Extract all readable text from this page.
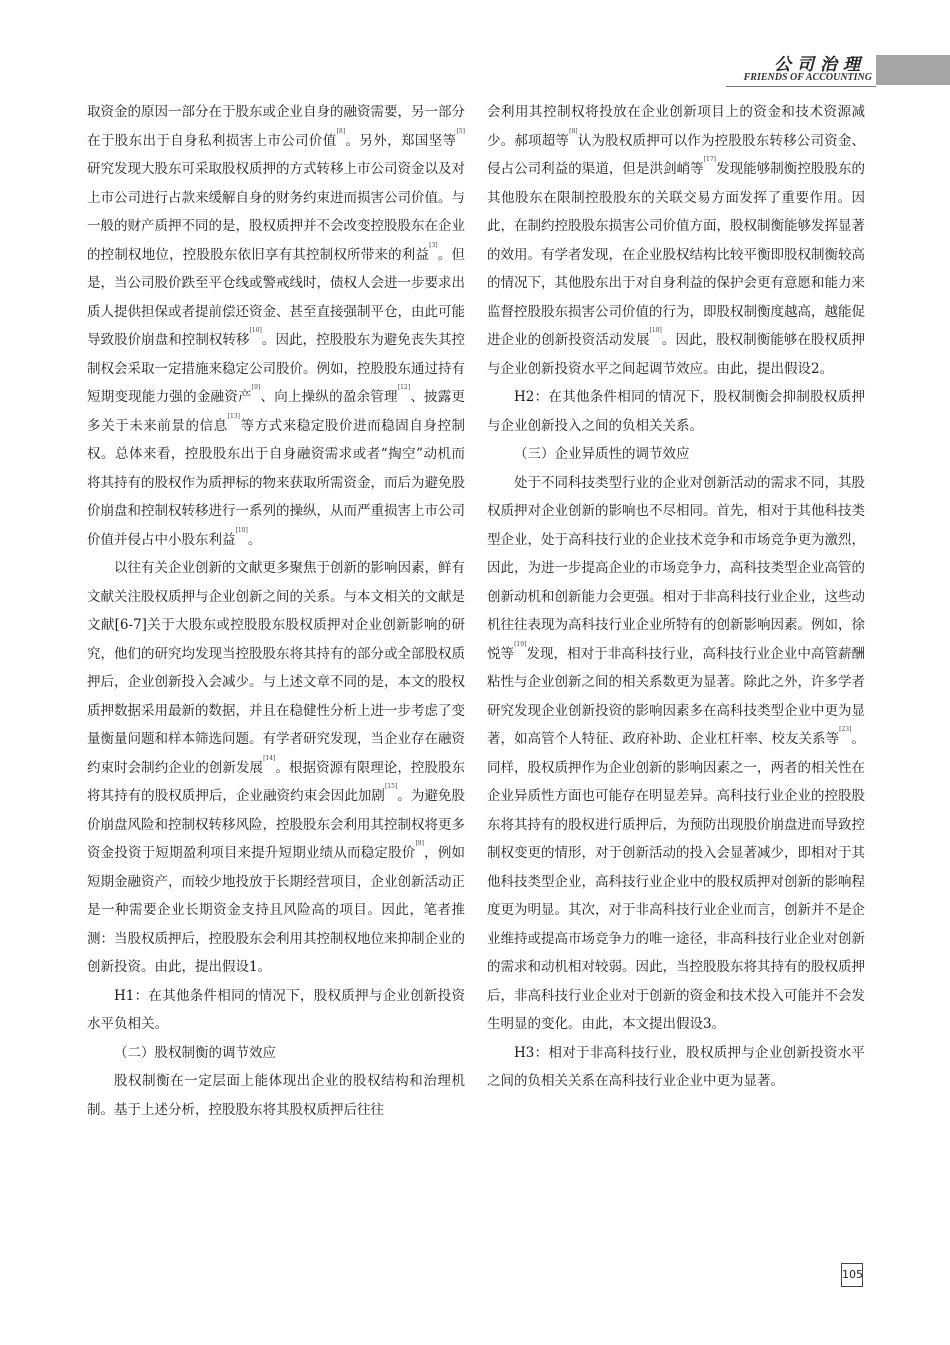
公司治理
FRIENDS OF ACCOUNTING

取资金的原因一部分在于股东或企业自身的融资需要，另一部分在于股东出于自身私利损害上市公司价值[8]。另外，郑国坚等[5]研究发现大股东可采取股权质押的方式转移上市公司资金以及对上市公司进行占款来缓解自身的财务约束进而损害公司价值。与一般的财产质押不同的是，股权质押并不会改变控股股东在企业的控制权地位，控股股东依旧享有其控制权所带来的利益[3]。但是，当公司股价跌至平仓线或警戒线时，债权人会进一步要求出质人提供担保或者提前偿还资金、甚至直接强制平仓，由此可能导致股价崩盘和控制权转移[10]。因此，控股股东为避免丧失其控制权会采取一定措施来稳定公司股价。例如，控股股东通过持有短期变现能力强的金融资产[9]、向上操纵的盈余管理[12]、披露更多关于未来前景的信息[13]等方式来稳定股价进而稳固自身控制权。总体来看，控股股东出于自身融资需求或者“掏空”动机而将其持有的股权作为质押标的物来获取所需资金，而后为避免股价崩盘和控制权转移进行一系列的操纵，从而严重损害上市公司价值并侵占中小股东利益[10]。

以往有关企业创新的文献更多聚焦于创新的影响因素，鲜有文献关注股权质押与企业创新之间的关系。与本文相关的文献是文献[6-7]关于大股东或控股股东股权质押对企业创新影响的研究，他们的研究均发现当控股股东将其持有的部分或全部股权质押后，企业创新投入会减少。与上述文章不同的是，本文的股权质押数据采用最新的数据，并且在稳健性分析上进一步考虑了变量衡量问题和样本筛选问题。有学者研究发现，当企业存在融资约束时会制约企业的创新发展[14]。根据资源有限理论，控股股东将其持有的股权质押后，企业融资约束会因此加剧[15]。为避免股价崩盘风险和控制权转移风险，控股股东会利用其控制权将更多资金投资于短期盈利项目来提升短期业绩从而稳定股价[9]，例如短期金融资产，而较少地投放于长期经营项目，企业创新活动正是一种需要企业长期资金支持且风险高的项目。因此，笔者推测：当股权质押后，控股股东会利用其控制权地位来抑制企业的创新投资。由此，提出假设1。

H1：在其他条件相同的情况下，股权质押与企业创新投资水平负相关。

（二）股权制衡的调节效应

股权制衡在一定层面上能体现出企业的股权结构和治理机制。基于上述分析，控股股东将其股权质押后往往

会利用其控制权将投放在企业创新项目上的资金和技术资源减少。郝项超等[8]认为股权质押可以作为控股股东转移公司资金、侵占公司利益的渠道，但是洪剑峭等[17]发现能够制衡控股股东的其他股东在限制控股股东的关联交易方面发挥了重要作用。因此，在制约控股股东损害公司价值方面，股权制衡能够发挥显著的效用。有学者发现，在企业股权结构比较平衡即股权制衡较高的情况下，其他股东出于对自身利益的保护会更有意愿和能力来监督控股股东损害公司价值的行为，即股权制衡度越高，越能促进企业的创新投资活动发展[18]。因此，股权制衡能够在股权质押与企业创新投资水平之间起调节效应。由此，提出假设2。

H2：在其他条件相同的情况下，股权制衡会抑制股权质押与企业创新投入之间的负相关关系。

（三）企业异质性的调节效应

处于不同科技类型行业的企业对创新活动的需求不同，其股权质押对企业创新的影响也不尽相同。首先，相对于其他科技类型企业，处于高科技行业的企业技术竞争和市场竞争更为激烈，因此，为进一步提高企业的市场竞争力，高科技类型企业高管的创新动机和创新能力会更强。相对于非高科技行业企业，这些动机往往表现为高科技行业企业所特有的创新影响因素。例如，徐悦等[19]发现，相对于非高科技行业，高科技行业企业中高管薪酬粘性与企业创新之间的相关系数更为显著。除此之外，许多学者研究发现企业创新投资的影响因素多在高科技类型企业中更为显著，如高管个人特征、政府补助、企业杠杆率、校友关系等[23]。同样，股权质押作为企业创新的影响因素之一，两者的相关性在企业异质性方面也可能存在明显差异。高科技行业企业的控股股东将其持有的股权进行质押后，为预防出现股价崩盘进而导致控制权变更的情形，对于创新活动的投入会显著减少，即相对于其他科技类型企业，高科技行业企业中的股权质押对创新的影响程度更为明显。其次，对于非高科技行业企业而言，创新并不是企业维持或提高市场竞争力的唯一途径，非高科技行业企业对创新的需求和动机相对较弱。因此，当控股股东将其持有的股权质押后，非高科技行业企业对于创新的资金和技术投入可能并不会发生明显的变化。由此，本文提出假设3。

H3：相对于非高科技行业，股权质押与企业创新投资水平之间的负相关关系在高科技行业企业中更为显著。

105
